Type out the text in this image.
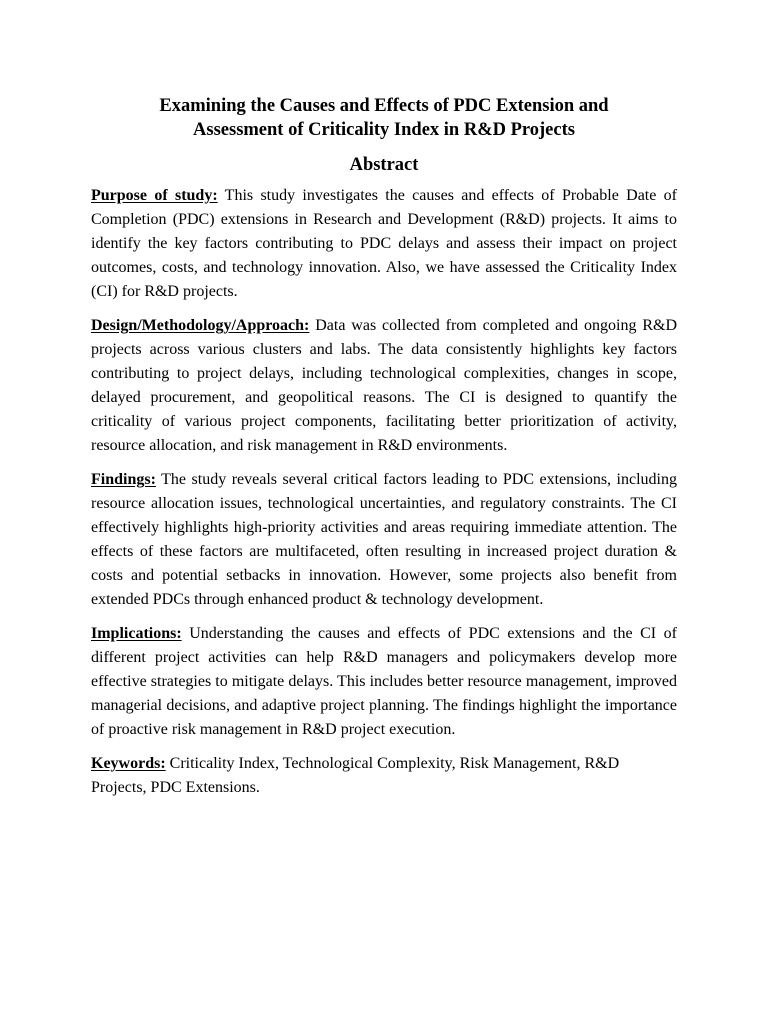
Examining the Causes and Effects of PDC Extension and
Assessment of Criticality Index in R&D Projects
Abstract

Purpose of study: This study investigates the causes and effects of Probable Date of Completion (PDC) extensions in Research and Development (R&D) projects. It aims to identify the key factors contributing to PDC delays and assess their impact on project outcomes, costs, and technology innovation. Also, we have assessed the Criticality Index (CI) for R&D projects.

Design/Methodology/Approach: Data was collected from completed and ongoing R&D projects across various clusters and labs. The data consistently highlights key factors contributing to project delays, including technological complexities, changes in scope, delayed procurement, and geopolitical reasons. The CI is designed to quantify the criticality of various project components, facilitating better prioritization of activity, resource allocation, and risk management in R&D environments.

Findings: The study reveals several critical factors leading to PDC extensions, including resource allocation issues, technological uncertainties, and regulatory constraints. The CI effectively highlights high-priority activities and areas requiring immediate attention. The effects of these factors are multifaceted, often resulting in increased project duration & costs and potential setbacks in innovation. However, some projects also benefit from extended PDCs through enhanced product & technology development.

Implications: Understanding the causes and effects of PDC extensions and the CI of different project activities can help R&D managers and policymakers develop more effective strategies to mitigate delays. This includes better resource management, improved managerial decisions, and adaptive project planning. The findings highlight the importance of proactive risk management in R&D project execution.

Keywords: Criticality Index, Technological Complexity, Risk Management, R&D Projects, PDC Extensions.
